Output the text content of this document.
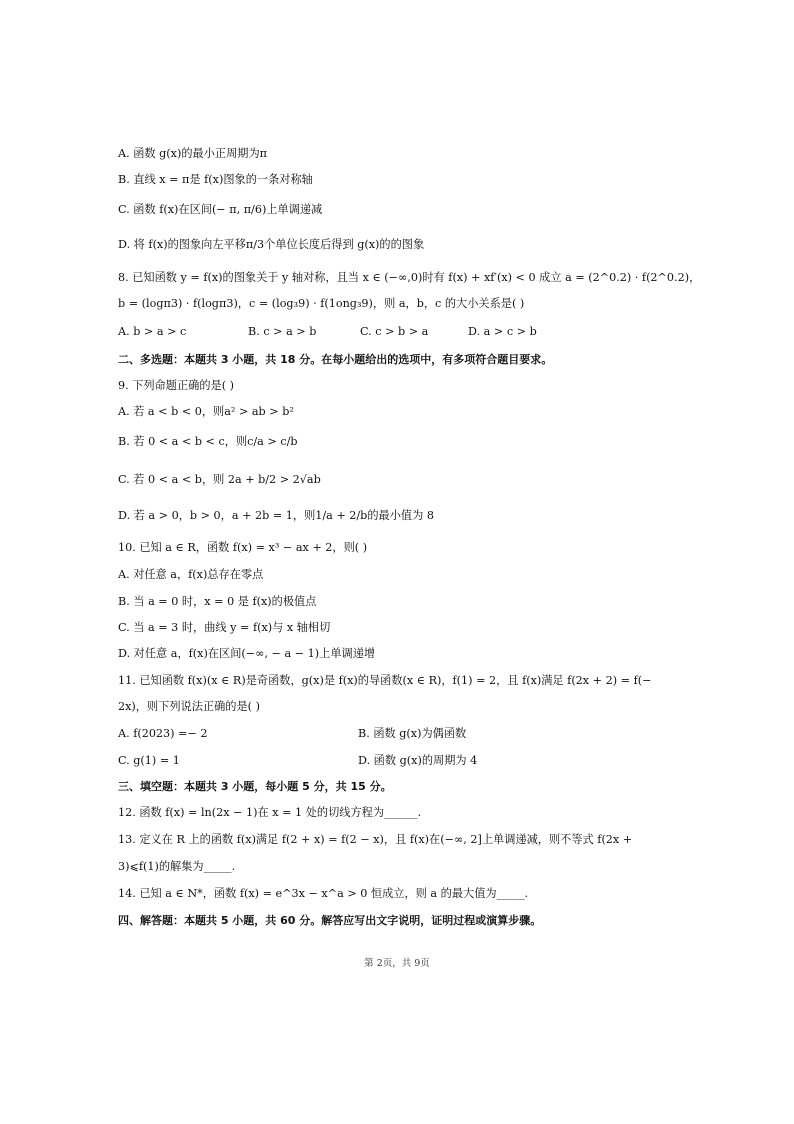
A. 函数 g(x)的最小正周期为π
B. 直线 x = π是 f(x)图象的一条对称轴
C. 函数 f(x)在区间(− π, π/6)上单调递减
D. 将 f(x)的图象向左平移π/3个单位长度后得到 g(x)的的图象
8. 已知函数 y = f(x)的图象关于 y 轴对称，且当 x ∈ (−∞,0)时有 f(x) + xf′(x) < 0 成立 a = (2^0.2) · f(2^0.2)，
b = (logπ3) · f(logπ3)，c = (log₃9) · f(1ong₃9)，则 a，b，c 的大小关系是( )
A. b > a > c	B. c > a > b	C. c > b > a	D. a > c > b
二、多选题：本题共 3 小题，共 18 分。在每小题给出的选项中，有多项符合题目要求。
9. 下列命题正确的是( )
A. 若 a < b < 0，则a² > ab > b²
B. 若 0 < a < b < c，则c/a > c/b
C. 若 0 < a < b，则 2a + b/2 > 2√ab
D. 若 a > 0，b > 0，a + 2b = 1，则1/a + 2/b的最小值为 8
10. 已知 a ∈ R，函数 f(x) = x³ − ax + 2，则( )
A. 对任意 a，f(x)总存在零点
B. 当 a = 0 时，x = 0 是 f(x)的极值点
C. 当 a = 3 时，曲线 y = f(x)与 x 轴相切
D. 对任意 a，f(x)在区间(−∞, − a − 1)上单调递增
11. 已知函数 f(x)(x ∈ R)是奇函数，g(x)是 f(x)的导函数(x ∈ R)，f(1) = 2，且 f(x)满足 f(2x + 2) = f(−
2x)，则下列说法正确的是( )
A. f(2023) =− 2	B. 函数 g(x)为偶函数
C. g(1) = 1	D. 函数 g(x)的周期为 4
三、填空题：本题共 3 小题，每小题 5 分，共 15 分。
12. 函数 f(x) = ln(2x − 1)在 x = 1 处的切线方程为______.
13. 定义在 R 上的函数 f(x)满足 f(2 + x) = f(2 − x)，且 f(x)在(−∞, 2]上单调递减，则不等式 f(2x +
3)⩽f(1)的解集为_____.
14. 已知 a ∈ N*，函数 f(x) = e^3x − x^a > 0 恒成立，则 a 的最大值为_____.
四、解答题：本题共 5 小题，共 60 分。解答应写出文字说明，证明过程或演算步骤。
第 2页，共 9页
